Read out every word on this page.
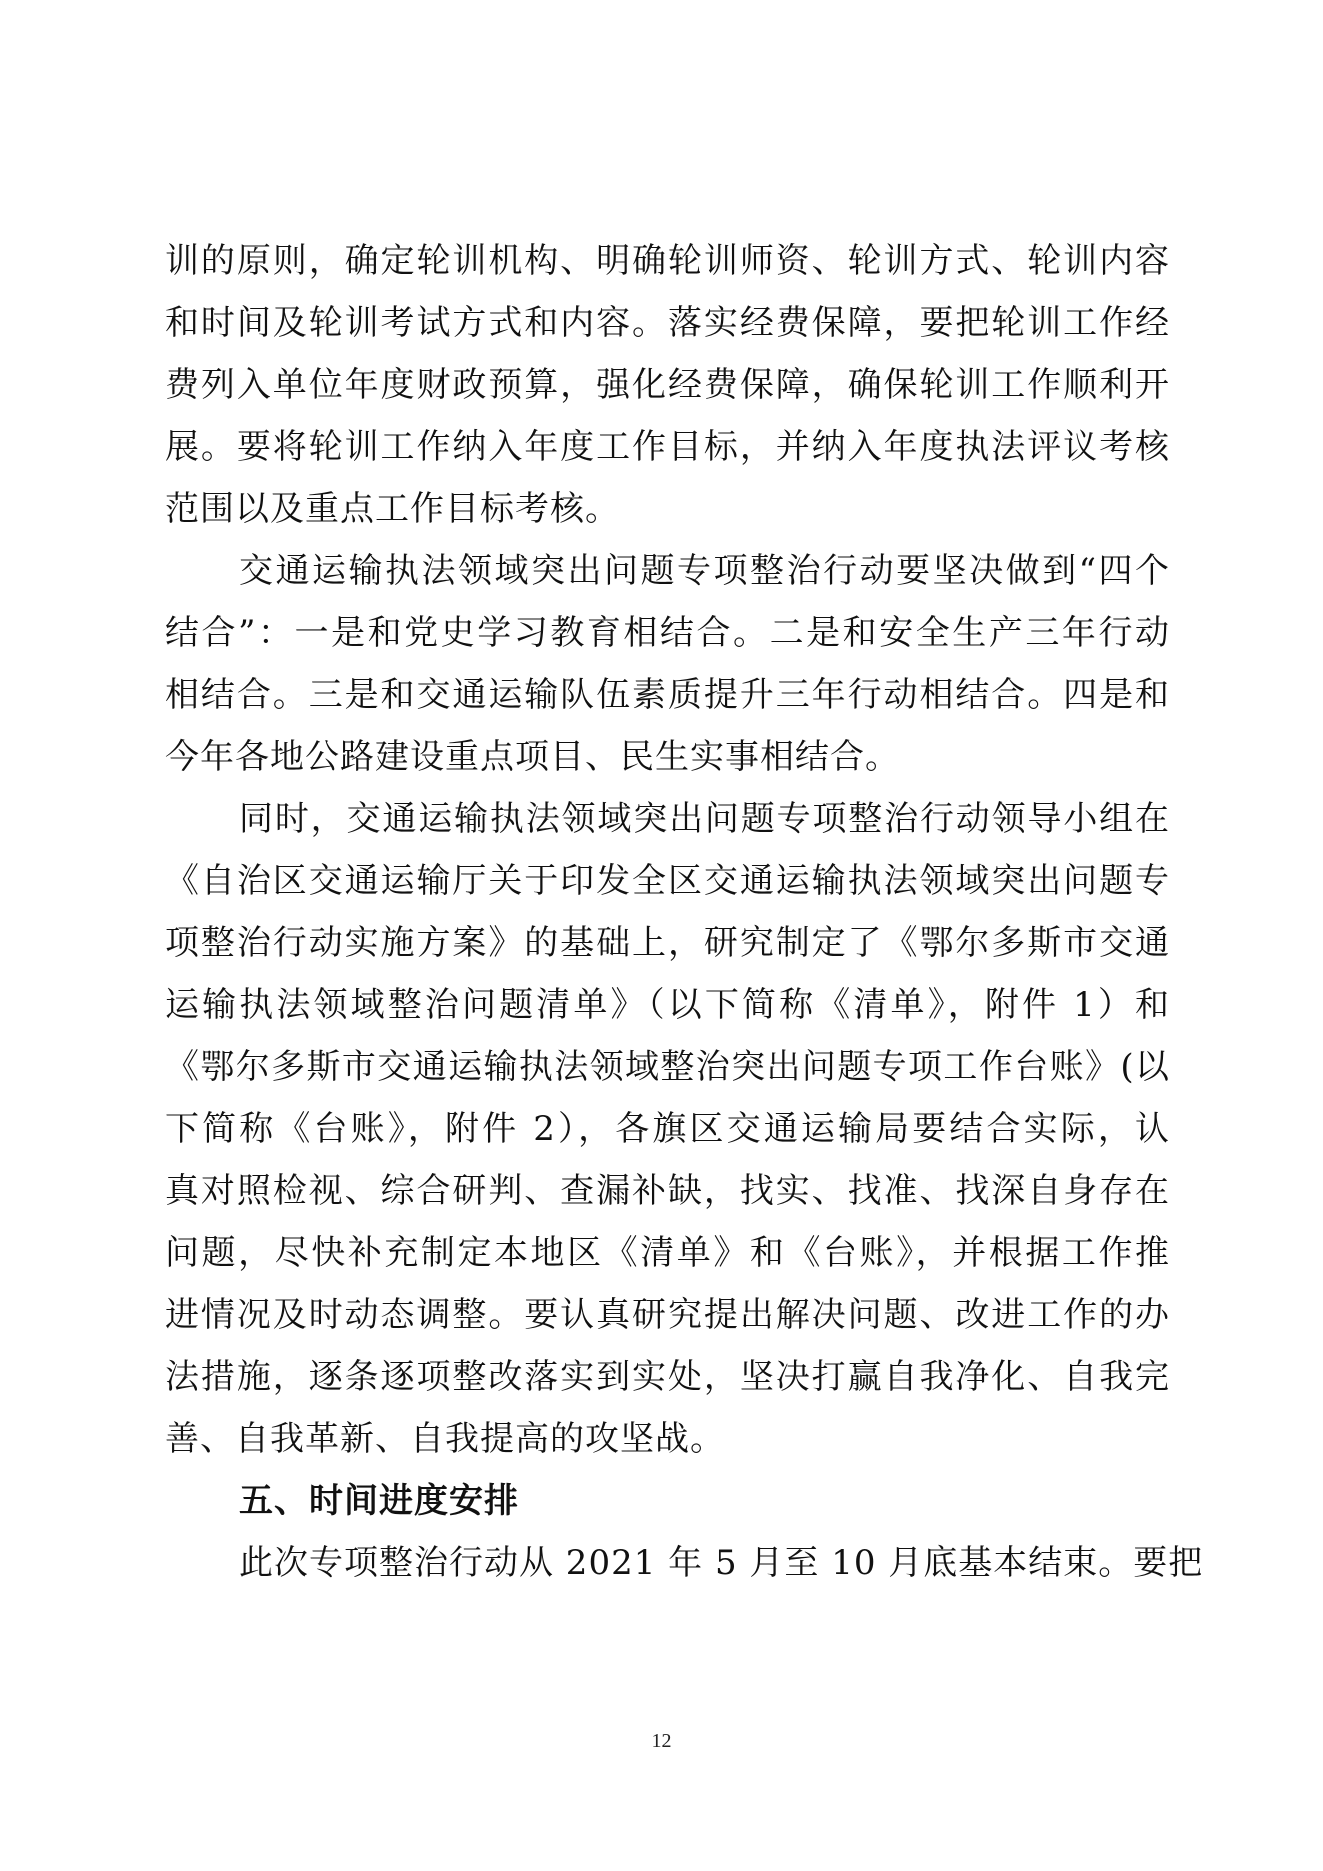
训的原则，确定轮训机构、明确轮训师资、轮训方式、轮训内容
和时间及轮训考试方式和内容。落实经费保障，要把轮训工作经
费列入单位年度财政预算，强化经费保障，确保轮训工作顺利开
展。要将轮训工作纳入年度工作目标，并纳入年度执法评议考核
范围以及重点工作目标考核。
交通运输执法领域突出问题专项整治行动要坚决做到“四个
结合”：一是和党史学习教育相结合。二是和安全生产三年行动
相结合。三是和交通运输队伍素质提升三年行动相结合。四是和
今年各地公路建设重点项目、民生实事相结合。
同时，交通运输执法领域突出问题专项整治行动领导小组在
《自治区交通运输厅关于印发全区交通运输执法领域突出问题专
项整治行动实施方案》的基础上，研究制定了《鄂尔多斯市交通
运输执法领域整治问题清单》（以下简称《清单》，附件 1）和
《鄂尔多斯市交通运输执法领域整治突出问题专项工作台账》(以
下简称《台账》，附件 2），各旗区交通运输局要结合实际，认
真对照检视、综合研判、查漏补缺，找实、找准、找深自身存在
问题，尽快补充制定本地区《清单》和《台账》，并根据工作推
进情况及时动态调整。要认真研究提出解决问题、改进工作的办
法措施，逐条逐项整改落实到实处，坚决打赢自我净化、自我完
善、自我革新、自我提高的攻坚战。
五、时间进度安排
此次专项整治行动从 2021 年 5 月至 10 月底基本结束。要把
12
